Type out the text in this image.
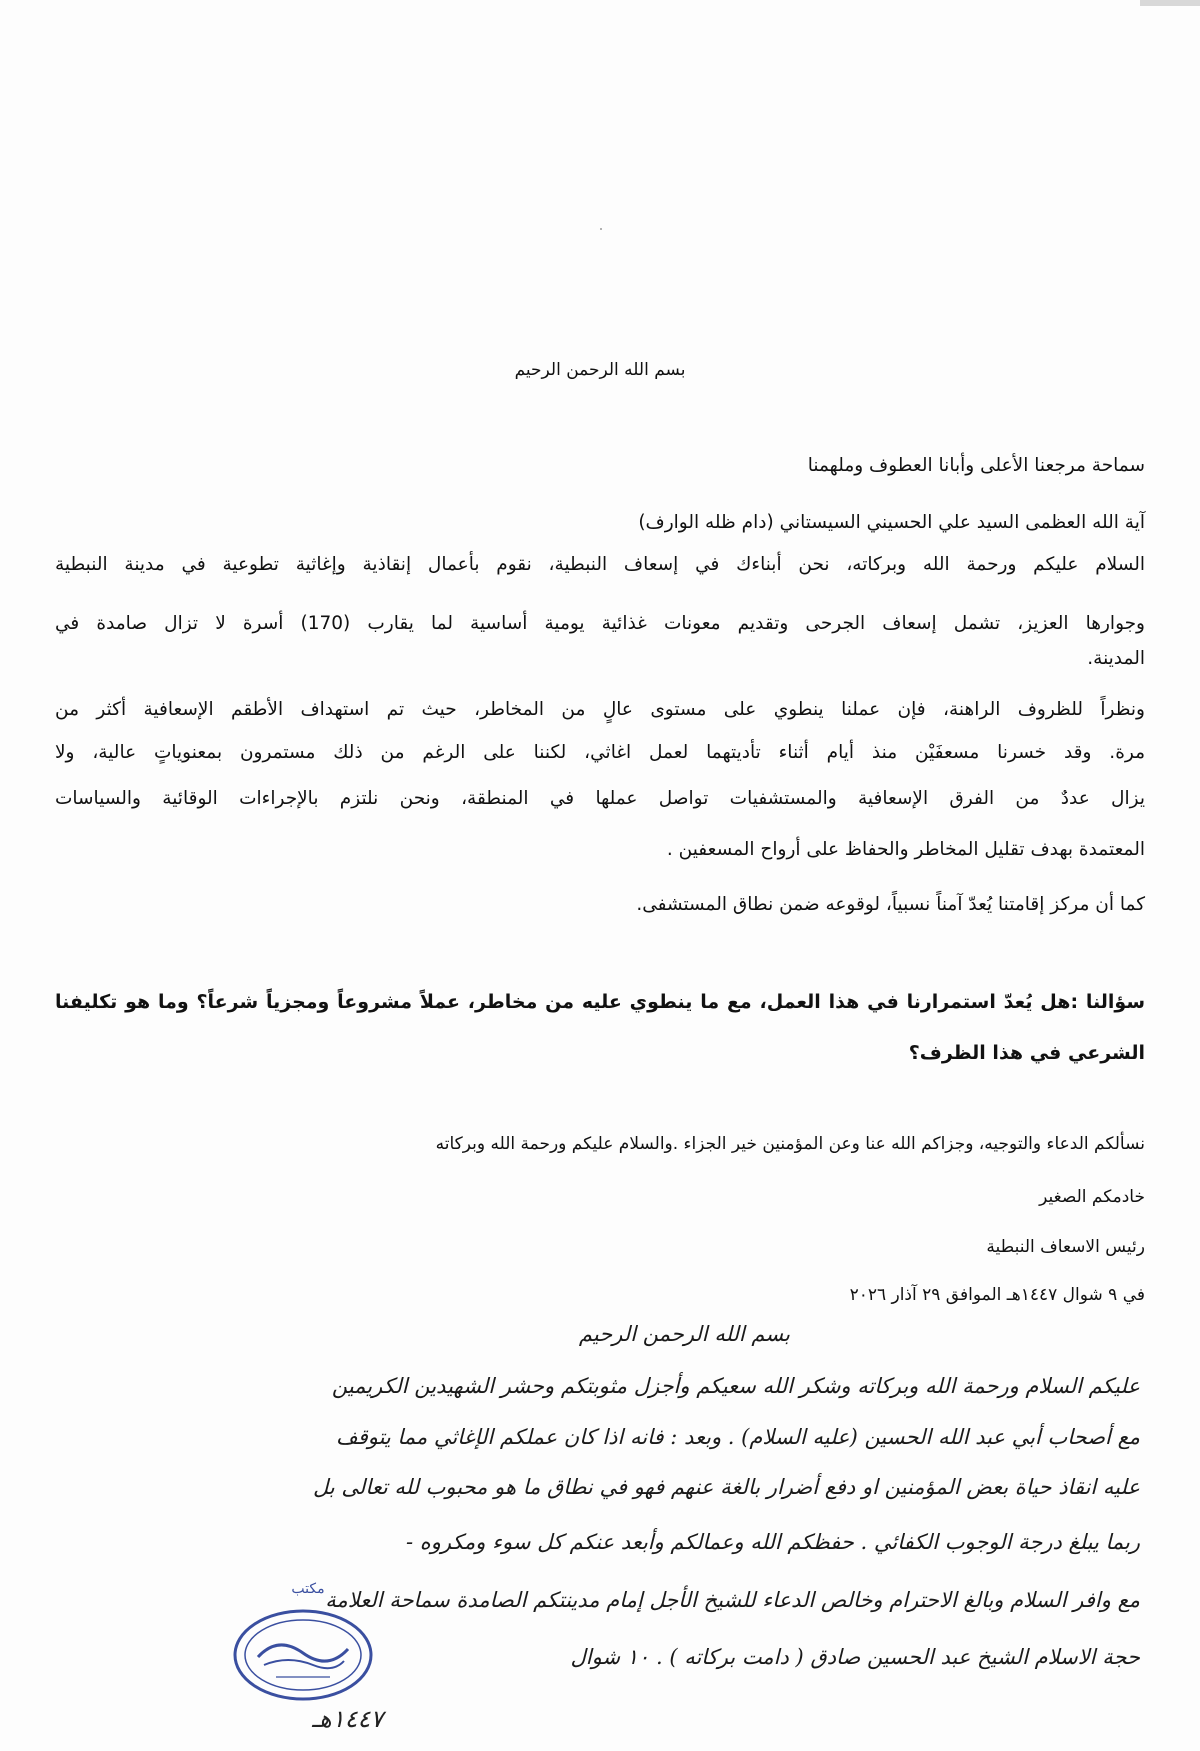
بسم الله الرحمن الرحيم
سماحة مرجعنا الأعلى وأبانا العطوف وملهمنا
آية الله العظمى السيد علي الحسيني السيستاني (دام ظله الوارف)
السلام عليكم ورحمة الله وبركاته، نحن أبناءك في إسعاف النبطية، نقوم بأعمال إنقاذية وإغاثية تطوعية في مدينة النبطية
وجوارها العزيز، تشمل إسعاف الجرحى وتقديم معونات غذائية يومية أساسية لما يقارب (170) أسرة لا تزال صامدة في
المدينة.
ونظراً للظروف الراهنة، فإن عملنا ينطوي على مستوى عالٍ من المخاطر، حيث تم استهداف الأطقم الإسعافية أكثر من
مرة. وقد خسرنا مسعفَيْن منذ أيام أثناء تأديتهما لعمل اغاثي، لكننا على الرغم من ذلك مستمرون بمعنوياتٍ عالية، ولا
يزال عددٌ من الفرق الإسعافية والمستشفيات تواصل عملها في المنطقة، ونحن نلتزم بالإجراءات الوقائية والسياسات
المعتمدة بهدف تقليل المخاطر والحفاظ على أرواح المسعفين .
كما أن مركز إقامتنا يُعدّ آمناً نسبياً، لوقوعه ضمن نطاق المستشفى.
سؤالنا :هل يُعدّ استمرارنا في هذا العمل، مع ما ينطوي عليه من مخاطر، عملاً مشروعاً ومجزياً شرعاً؟ وما هو تكليفنا
الشرعي في هذا الظرف؟
نسألكم الدعاء والتوجيه، وجزاكم الله عنا وعن المؤمنين خير الجزاء .والسلام عليكم ورحمة الله وبركاته
خادمكم الصغير
رئيس الاسعاف النبطية
في ٩ شوال ١٤٤٧هـ الموافق ٢٩ آذار ٢٠٢٦
بسم الله الرحمن الرحيم
عليكم السلام ورحمة الله وبركاته وشكر الله سعيكم وأجزل مثوبتكم وحشر الشهيدين الكريمين
مع أصحاب أبي عبد الله الحسين (عليه السلام) . وبعد : فانه اذا كان عملكم الإغاثي مما يتوقف
عليه انقاذ حياة بعض المؤمنين او دفع أضرار بالغة عنهم فهو في نطاق ما هو محبوب لله تعالى بل
ربما يبلغ درجة الوجوب الكفائي . حفظكم الله وعمالكم وأبعد عنكم كل سوء ومكروه -
مع وافر السلام وبالغ الاحترام وخالص الدعاء للشيخ الأجل إمام مدينتكم الصامدة سماحة العلامة
حجة الاسلام الشيخ عبد الحسين صادق ( دامت بركاته ) . ١٠ شوال
مكتب
١٤٤٧هـ
